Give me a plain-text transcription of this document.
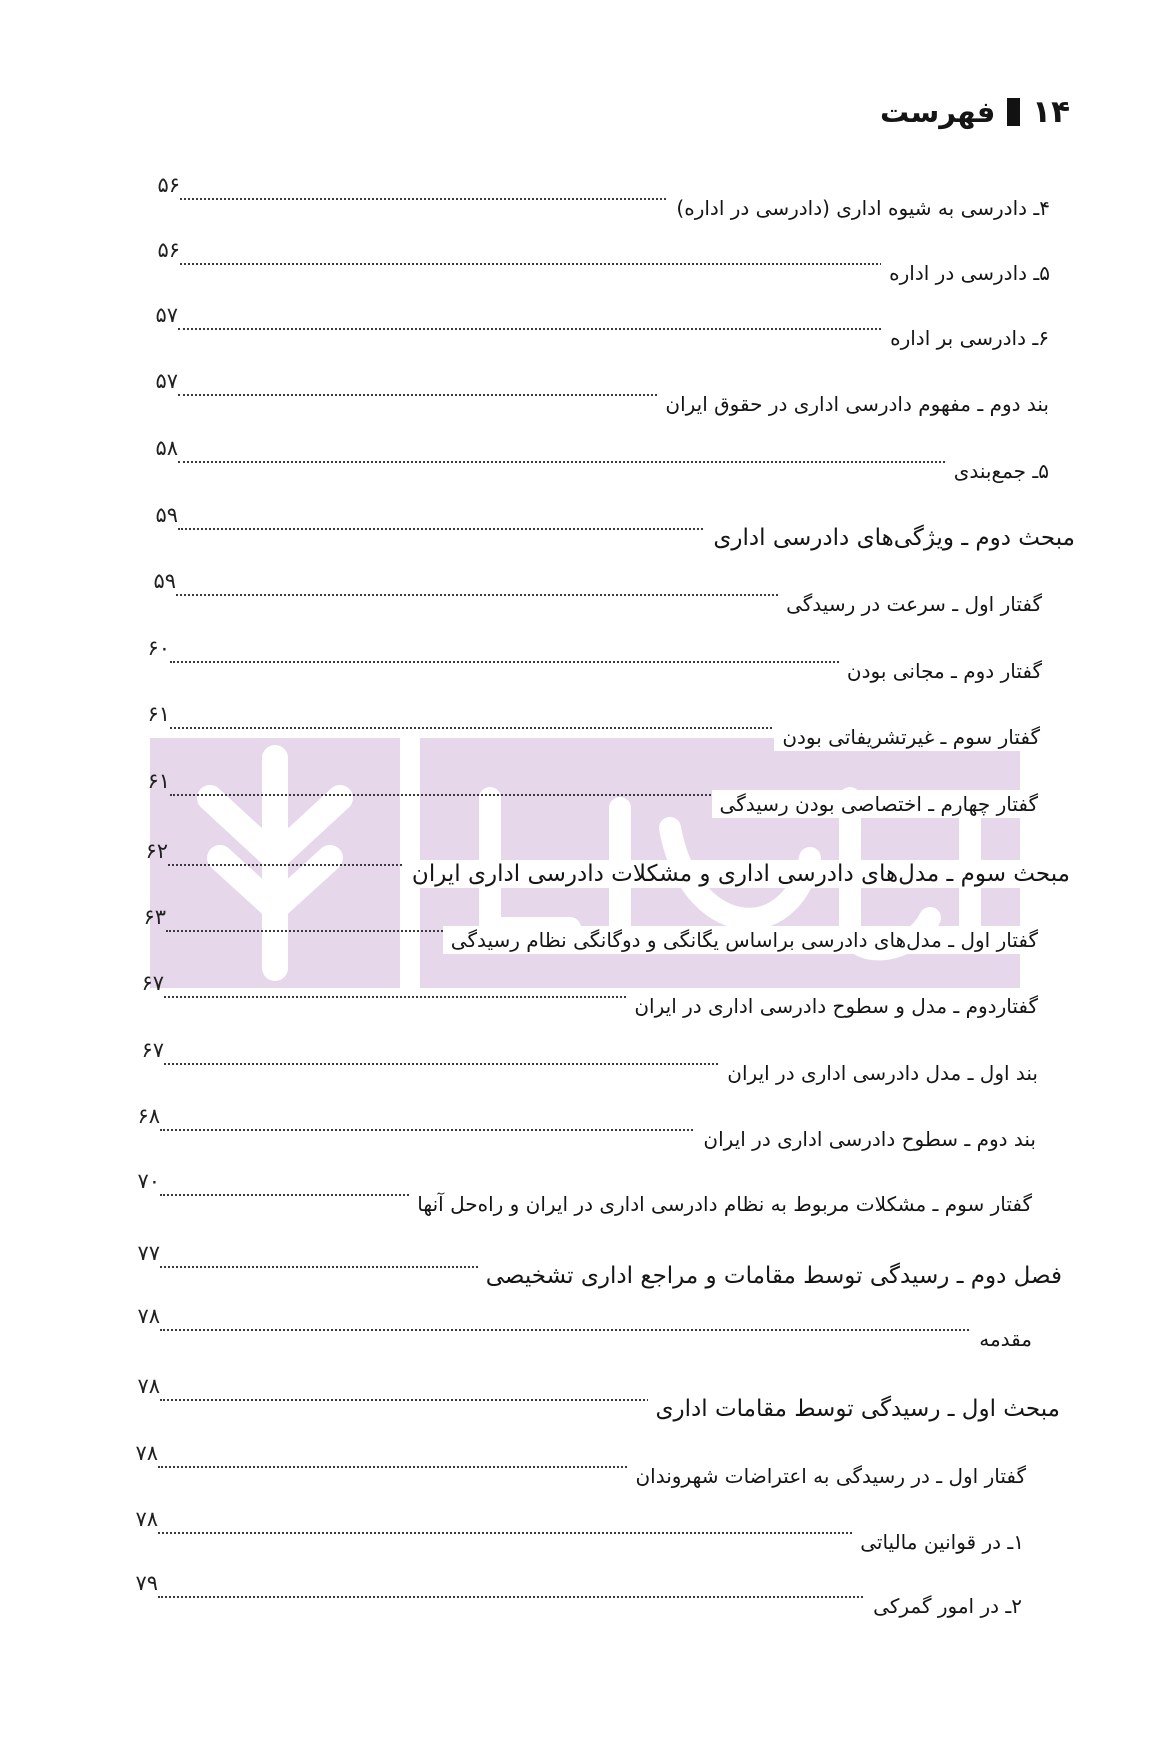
۱۴
فهرست
۴ـ دادرسی به شیوه اداری (دادرسی در اداره)
۵۶
۵ـ دادرسی در اداره
۵۶
۶ـ دادرسی بر اداره
۵۷
بند دوم ـ مفهوم دادرسی اداری در حقوق ایران
۵۷
۵ـ جمع‌بندی
۵۸
مبحث دوم ـ ویژگی‌های دادرسی اداری
۵۹
گفتار اول ـ سرعت در رسیدگی
۵۹
گفتار دوم ـ مجانی بودن
۶۰
گفتار سوم ـ غیرتشریفاتی بودن
۶۱
گفتار چهارم ـ اختصاصی بودن رسیدگی
۶۱
مبحث سوم ـ مدل‌های دادرسی اداری و مشکلات دادرسی اداری ایران
۶۲
گفتار اول ـ مدل‌های دادرسی براساس یگانگی و دوگانگی نظام رسیدگی
۶۳
گفتاردوم ـ مدل و سطوح دادرسی اداری در ایران
۶۷
بند اول ـ مدل دادرسی اداری در ایران
۶۷
بند دوم ـ سطوح دادرسی اداری در ایران
۶۸
گفتار سوم ـ مشکلات مربوط به نظام دادرسی اداری در ایران و راه‌حل آنها
۷۰
فصل دوم ـ رسیدگی توسط مقامات و مراجع اداری تشخیصی
۷۷
مقدمه
۷۸
مبحث اول ـ رسیدگی توسط مقامات اداری
۷۸
گفتار اول ـ در رسیدگی به اعتراضات شهروندان
۷۸
۱ـ در قوانین مالیاتی
۷۸
۲ـ در امور گمرکی
۷۹
